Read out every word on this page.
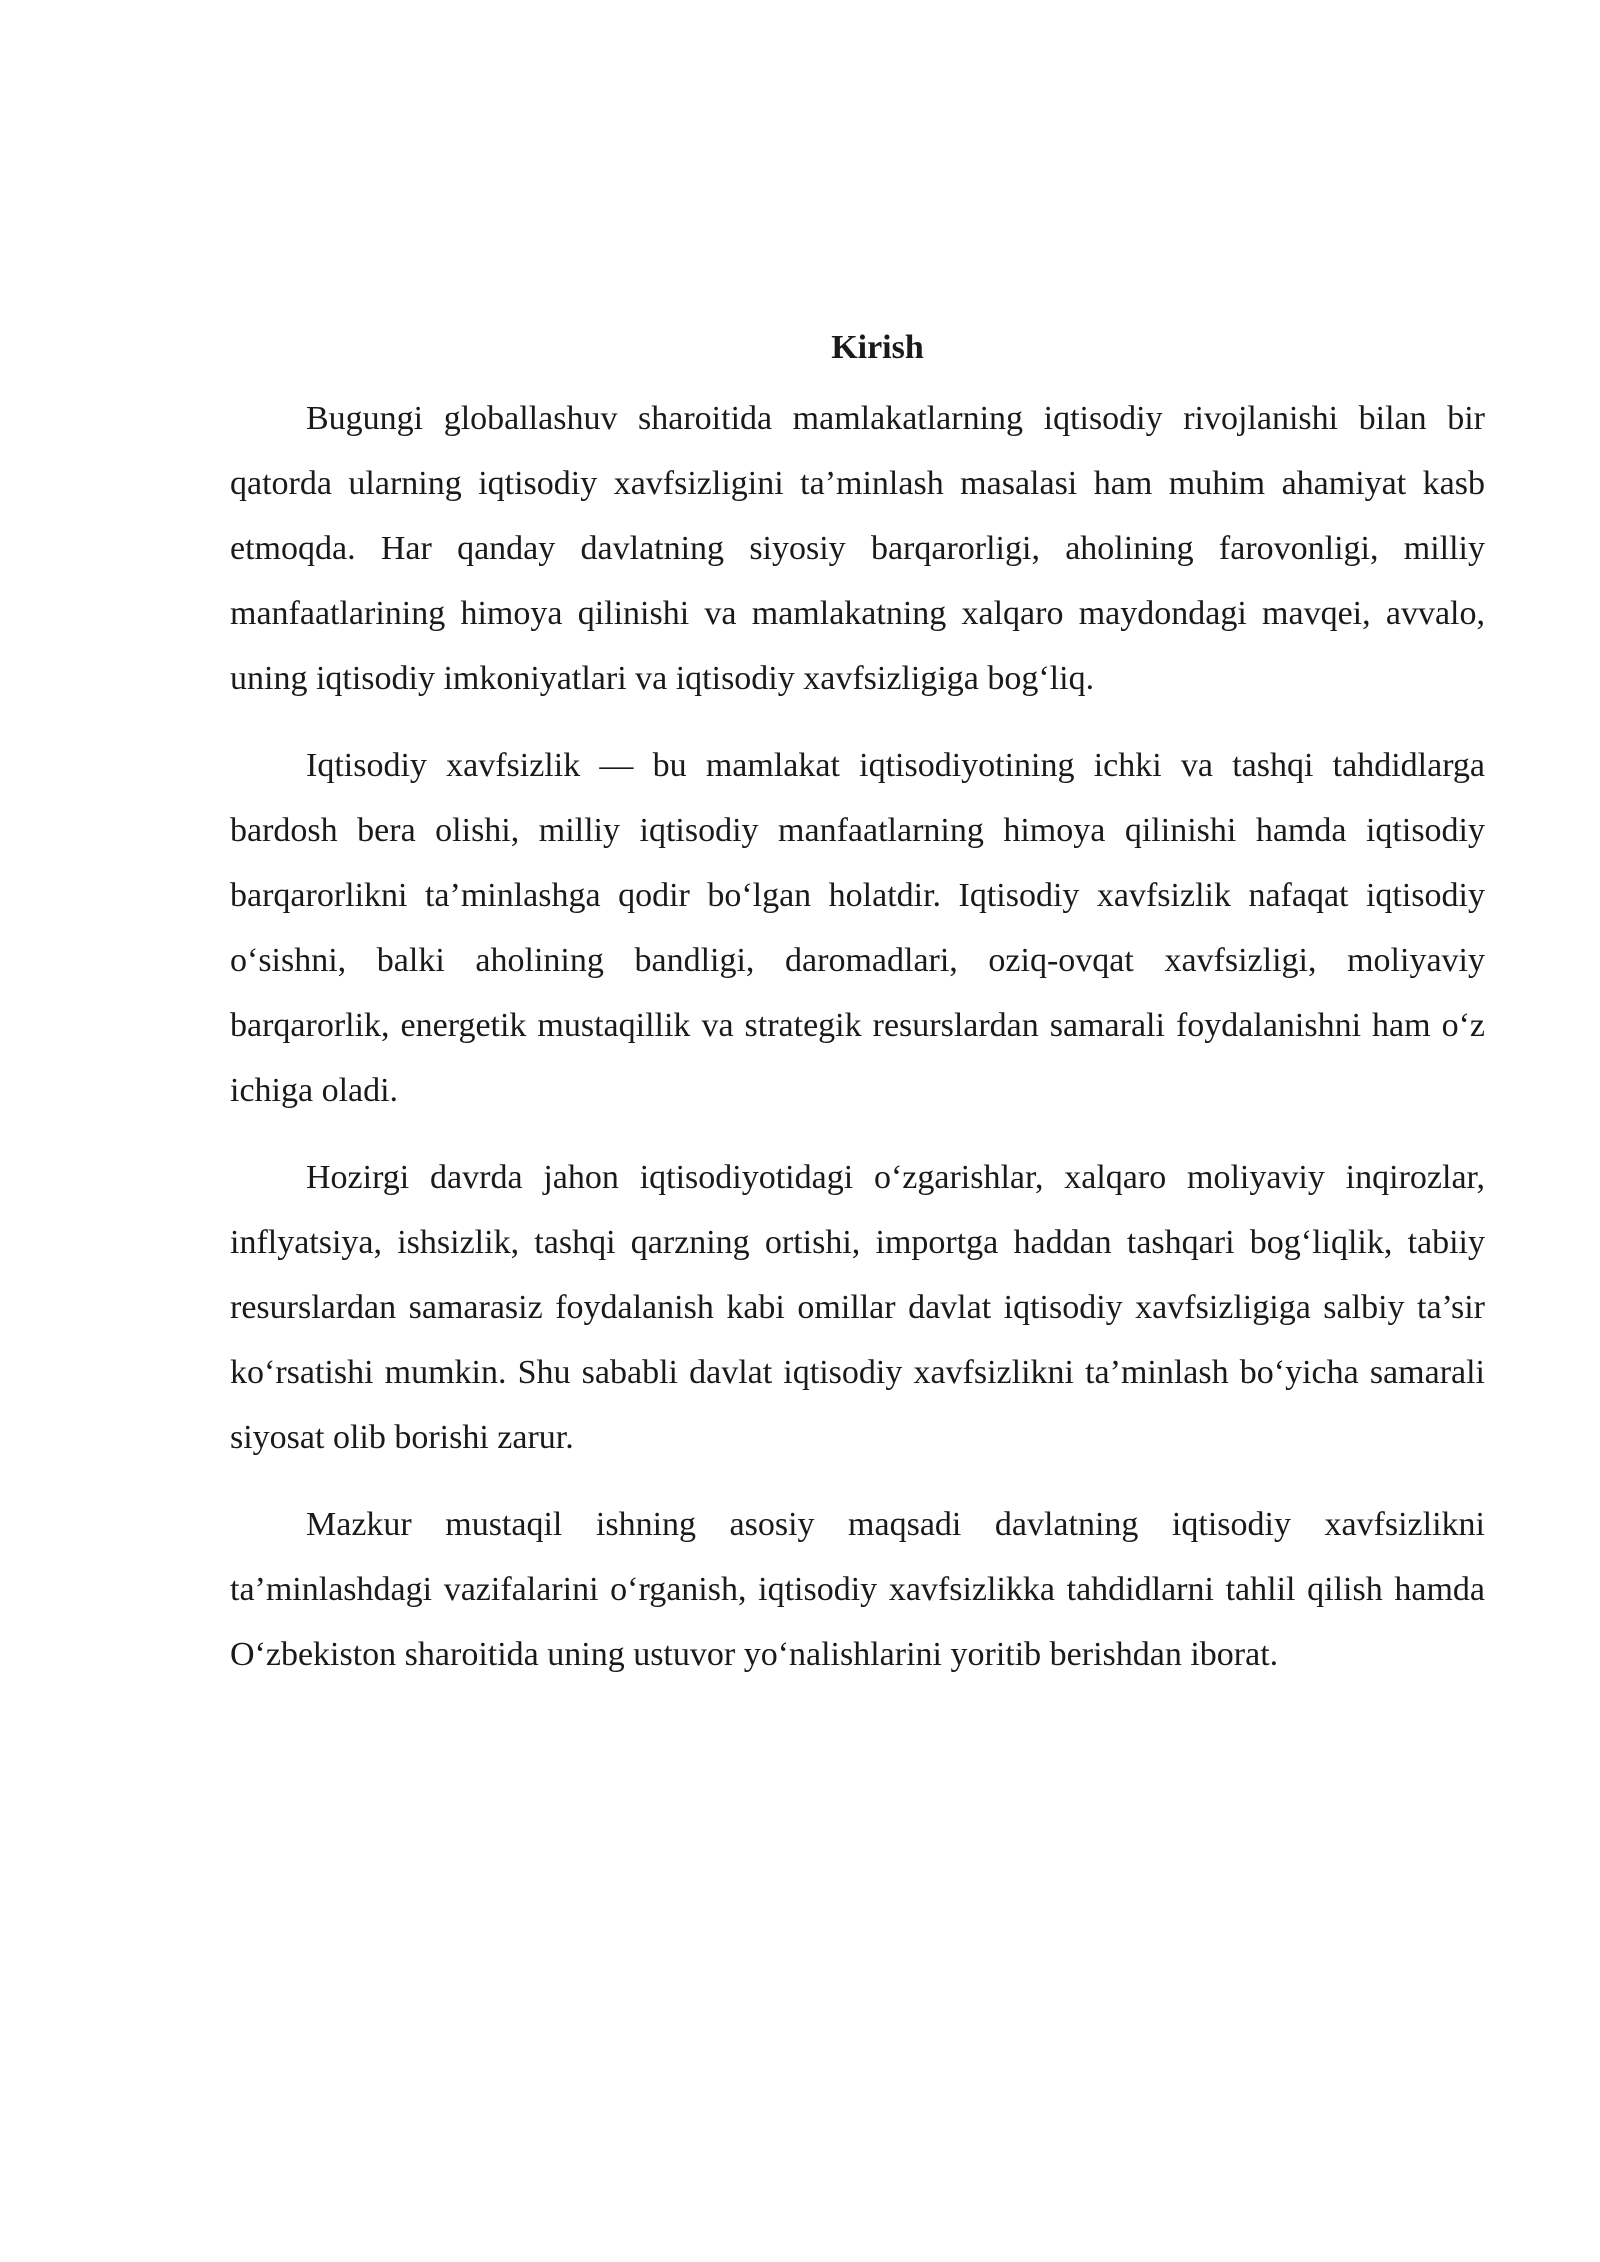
Kirish

Bugungi globallashuv sharoitida mamlakatlarning iqtisodiy rivojlanishi bilan bir qatorda ularning iqtisodiy xavfsizligini ta’minlash masalasi ham muhim ahamiyat kasb etmoqda. Har qanday davlatning siyosiy barqarorligi, aholining farovonligi, milliy manfaatlarining himoya qilinishi va mamlakatning xalqaro maydondagi mavqei, avvalo, uning iqtisodiy imkoniyatlari va iqtisodiy xavfsizligiga bog‘liq.

Iqtisodiy xavfsizlik — bu mamlakat iqtisodiyotining ichki va tashqi tahdidlarga bardosh bera olishi, milliy iqtisodiy manfaatlarning himoya qilinishi hamda iqtisodiy barqarorlikni ta’minlashga qodir bo‘lgan holatdir. Iqtisodiy xavfsizlik nafaqat iqtisodiy o‘sishni, balki aholining bandligi, daromadlari, oziq-ovqat xavfsizligi, moliyaviy barqarorlik, energetik mustaqillik va strategik resurslardan samarali foydalanishni ham o‘z ichiga oladi.

Hozirgi davrda jahon iqtisodiyotidagi o‘zgarishlar, xalqaro moliyaviy inqirozlar, inflyatsiya, ishsizlik, tashqi qarzning ortishi, importga haddan tashqari bog‘liqlik, tabiiy resurslardan samarasiz foydalanish kabi omillar davlat iqtisodiy xavfsizligiga salbiy ta’sir ko‘rsatishi mumkin. Shu sababli davlat iqtisodiy xavfsizlikni ta’minlash bo‘yicha samarali siyosat olib borishi zarur.

Mazkur mustaqil ishning asosiy maqsadi davlatning iqtisodiy xavfsizlikni ta’minlashdagi vazifalarini o‘rganish, iqtisodiy xavfsizlikka tahdidlarni tahlil qilish hamda O‘zbekiston sharoitida uning ustuvor yo‘nalishlarini yoritib berishdan iborat.
